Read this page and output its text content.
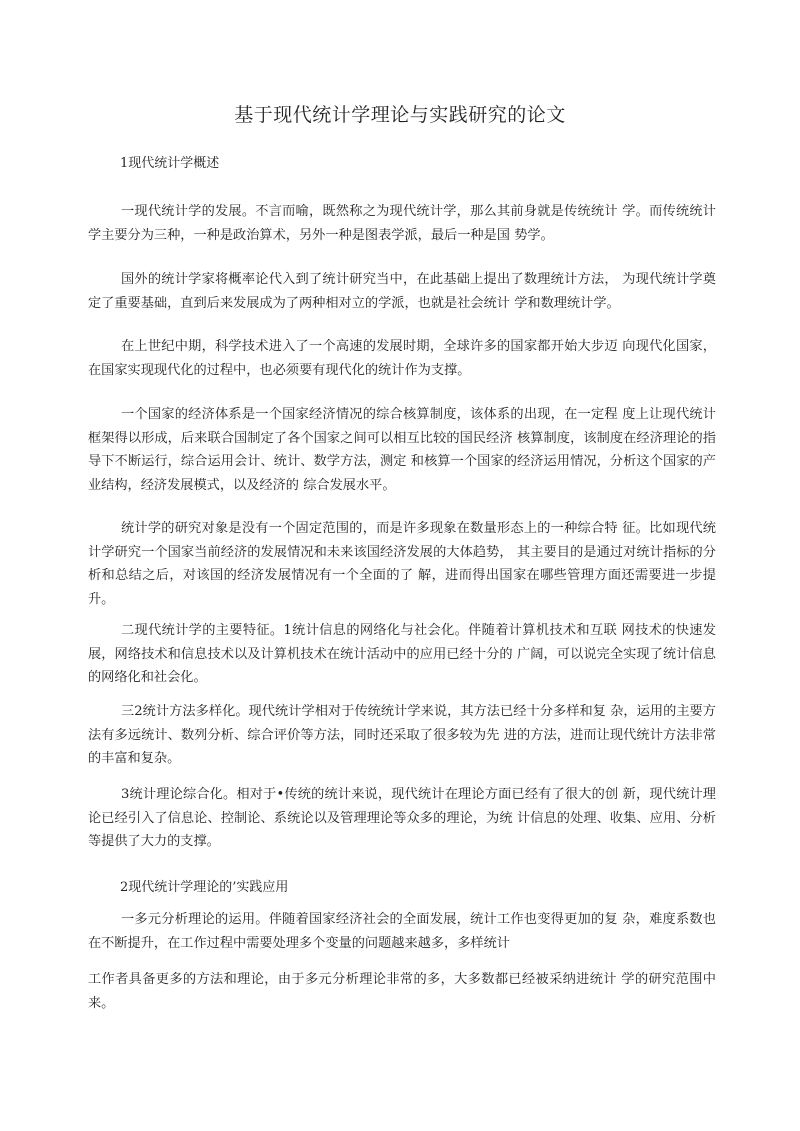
基于现代统计学理论与实践研究的论文
1现代统计学概述

一现代统计学的发展。不言而喻，既然称之为现代统计学，那么其前身就是传统统计 学。而传统统计学主要分为三种，一种是政治算术，另外一种是图表学派，最后一种是国 势学。

国外的统计学家将概率论代入到了统计研究当中，在此基础上提出了数理统计方法， 为现代统计学奠定了重要基础，直到后来发展成为了两种相对立的学派，也就是社会统计 学和数理统计学。

在上世纪中期，科学技术进入了一个高速的发展时期，全球许多的国家都开始大步迈 向现代化国家，在国家实现现代化的过程中，也必须要有现代化的统计作为支撑。

一个国家的经济体系是一个国家经济情况的综合核算制度，该体系的出现，在一定程 度上让现代统计框架得以形成，后来联合国制定了各个国家之间可以相互比较的国民经济 核算制度，该制度在经济理论的指导下不断运行，综合运用会计、统计、数学方法，测定 和核算一个国家的经济运用情况，分析这个国家的产业结构，经济发展模式，以及经济的 综合发展水平。

统计学的研究对象是没有一个固定范围的，而是许多现象在数量形态上的一种综合特 征。比如现代统计学研究一个国家当前经济的发展情况和未来该国经济发展的大体趋势， 其主要目的是通过对统计指标的分析和总结之后，对该国的经济发展情况有一个全面的了 解，进而得出国家在哪些管理方面还需要进一步提升。

二现代统计学的主要特征。1统计信息的网络化与社会化。伴随着计算机技术和互联 网技术的快速发展，网络技术和信息技术以及计算机技术在统计活动中的应用已经十分的 广阔，可以说完全实现了统计信息的网络化和社会化。

三2统计方法多样化。现代统计学相对于传统统计学来说，其方法已经十分多样和复 杂，运用的主要方法有多远统计、数列分析、综合评价等方法，同时还采取了很多较为先 进的方法，进而让现代统计方法非常的丰富和复杂。

3统计理论综合化。相对于•传统的统计来说，现代统计在理论方面已经有了很大的创 新，现代统计理论已经引入了信息论、控制论、系统论以及管理理论等众多的理论，为统 计信息的处理、收集、应用、分析等提供了大力的支撑。

2现代统计学理论的’实践应用

一多元分析理论的运用。伴随着国家经济社会的全面发展，统计工作也变得更加的复 杂，难度系数也在不断提升，在工作过程中需要处理多个变量的问题越来越多，多样统计

工作者具备更多的方法和理论，由于多元分析理论非常的多，大多数都已经被采纳进统计 学的研究范围中来。
